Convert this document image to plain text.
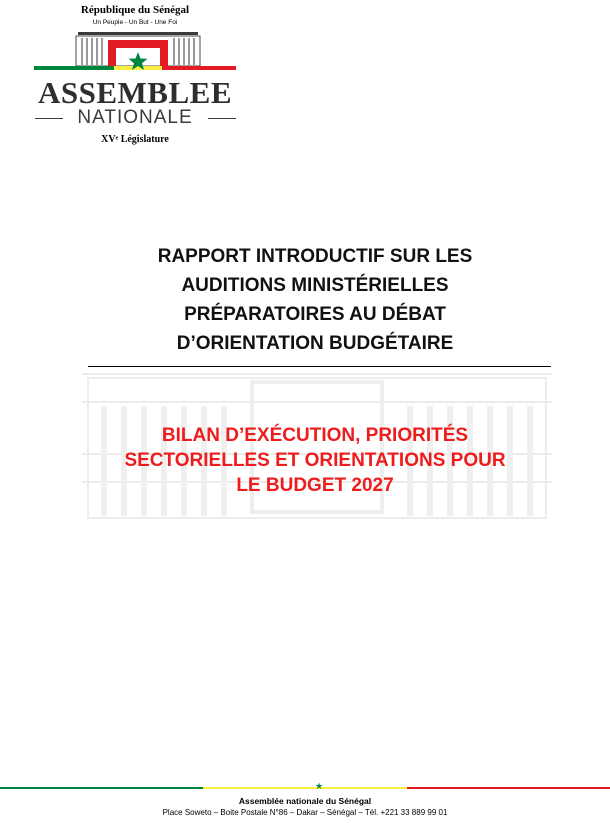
République du Sénégal
Un Peuple - Un But - Une Foi
ASSEMBLEE
NATIONALE
XVᵉ Législature
RAPPORT INTRODUCTIF SUR LES
AUDITIONS MINISTÉRIELLES
PRÉPARATOIRES AU DÉBAT
D’ORIENTATION BUDGÉTAIRE
BILAN D’EXÉCUTION, PRIORITÉS
SECTORIELLES ET ORIENTATIONS POUR
LE BUDGET 2027
★
Assemblée nationale du Sénégal
Place Soweto – Boite Postale N°86 – Dakar – Sénégal – Tél. +221 33 889 99 01
